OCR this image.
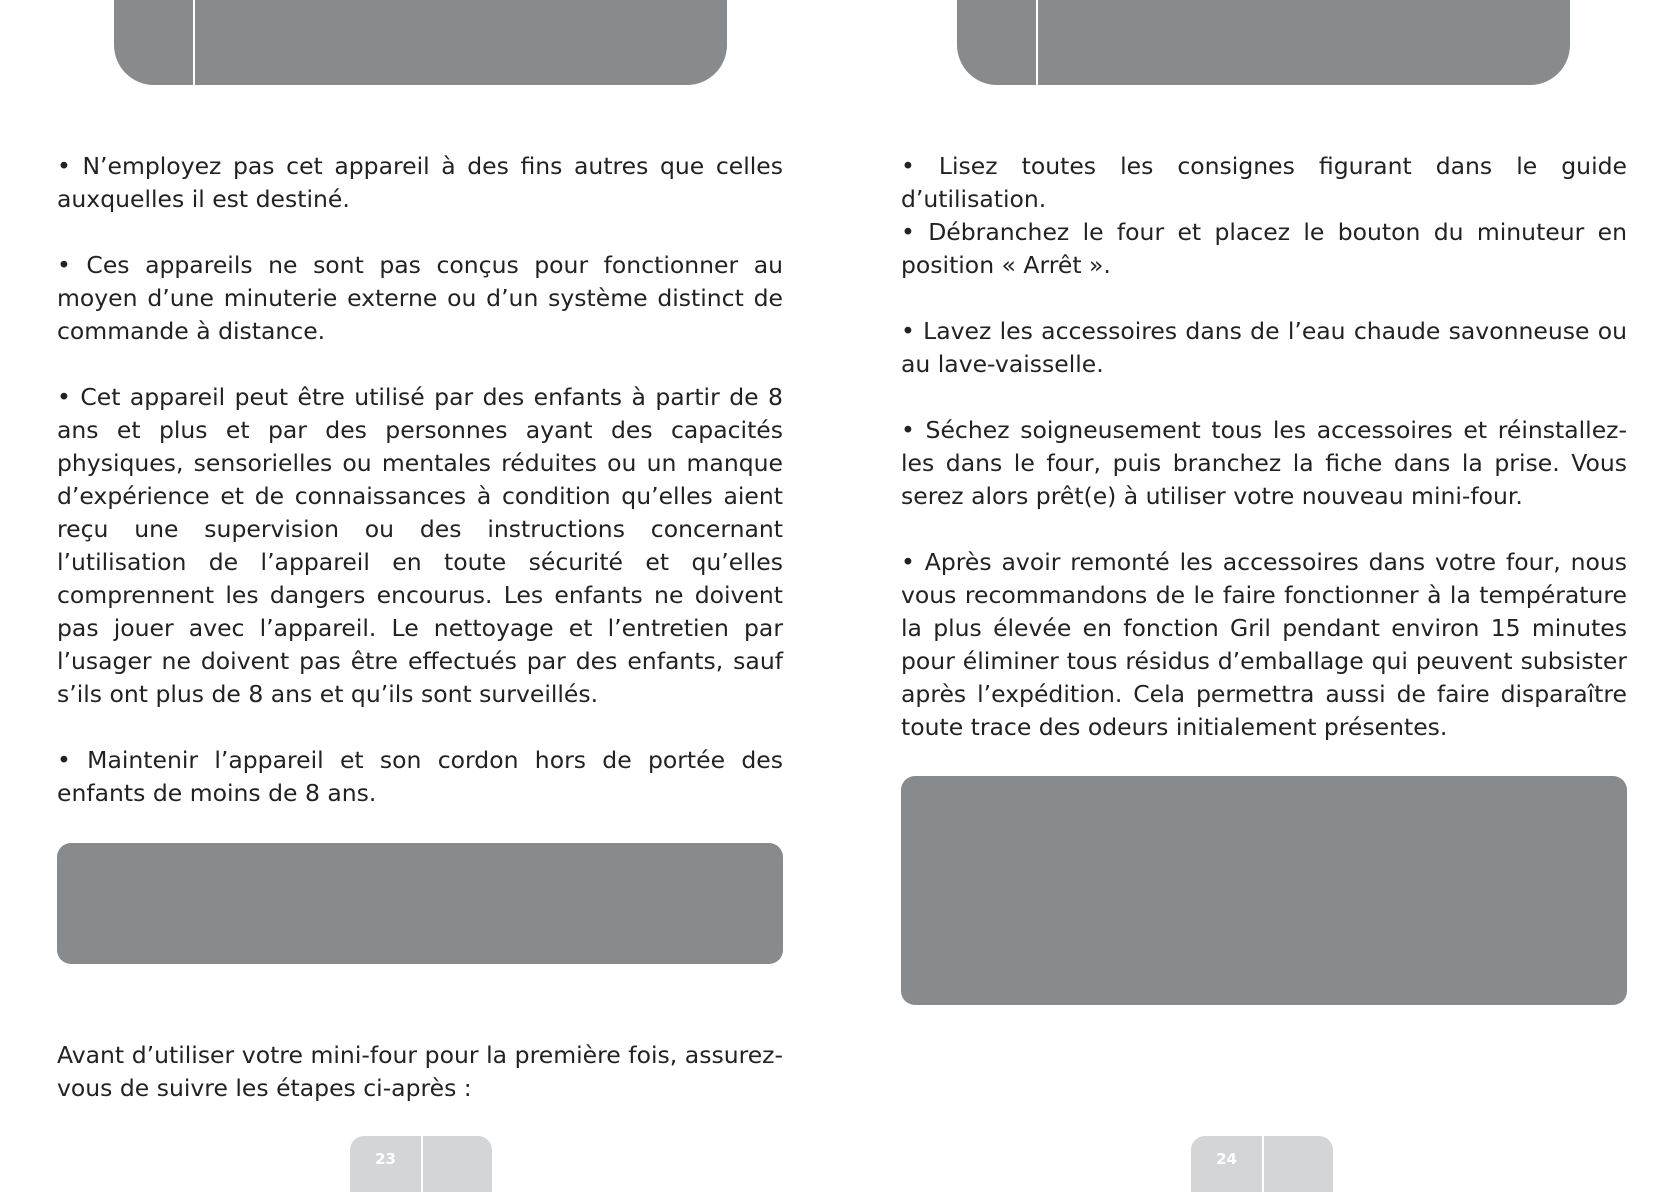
• N’employez pas cet appareil à des fins autres que celles auxquelles il est destiné.

• Ces appareils ne sont pas conçus pour fonctionner au moyen d’une minuterie externe ou d’un système distinct de commande à distance.

• Cet appareil peut être utilisé par des enfants à partir de 8 ans et plus et par des personnes ayant des capacités physiques, sensorielles ou mentales réduites ou un manque d’expérience et de connaissances à condition qu’elles aient reçu une supervision ou des instructions concernant l’utilisation de l’appareil en toute sécurité et qu’elles comprennent les dangers encourus. Les enfants ne doivent pas jouer avec l’appareil. Le nettoyage et l’entretien par l’usager ne doivent pas être effectués par des enfants, sauf s’ils ont plus de 8 ans et qu’ils sont surveillés.

• Maintenir l’appareil et son cordon hors de portée des enfants de moins de 8 ans.

Avant d’utiliser votre mini-four pour la première fois, assurez-vous de suivre les étapes ci-après :

23

• Lisez toutes les consignes figurant dans le guide d’utilisation.

• Débranchez le four et placez le bouton du minuteur en position « Arrêt ».

• Lavez les accessoires dans de l’eau chaude savonneuse ou au lave-vaisselle.

• Séchez soigneusement tous les accessoires et réinstallez-les dans le four, puis branchez la fiche dans la prise. Vous serez alors prêt(e) à utiliser votre nouveau mini-four.

• Après avoir remonté les accessoires dans votre four, nous vous recommandons de le faire fonctionner à la température la plus élevée en fonction Gril pendant environ 15 minutes pour éliminer tous résidus d’emballage qui peuvent subsister après l’expédition. Cela permettra aussi de faire disparaître toute trace des odeurs initialement présentes.

24
